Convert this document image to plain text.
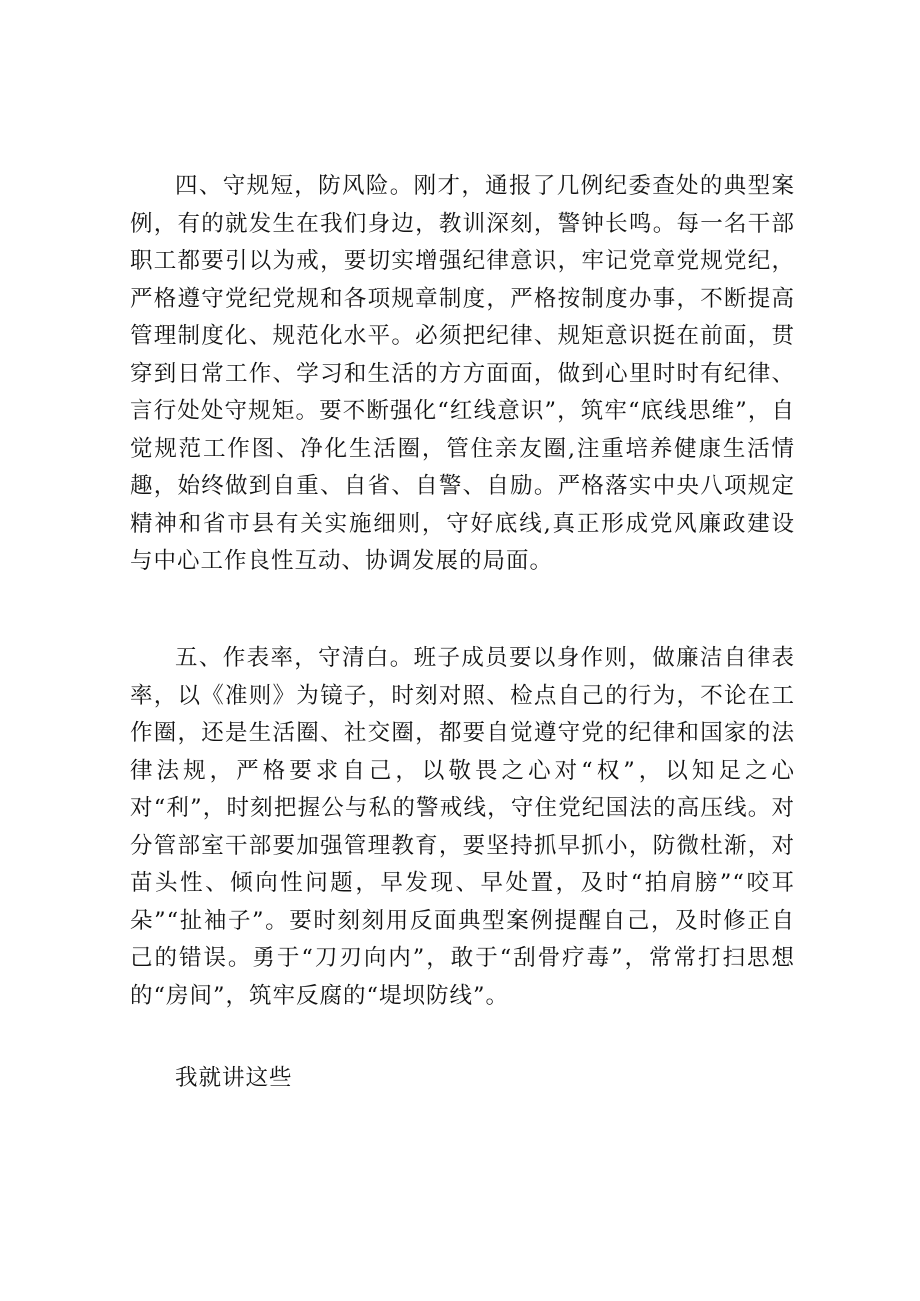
四、守规短，防风险。刚才，通报了几例纪委查处的典型案例，有的就发生在我们身边，教训深刻，警钟长鸣。每一名干部职工都要引以为戒，要切实增强纪律意识，牢记党章党规党纪，严格遵守党纪党规和各项规章制度，严格按制度办事，不断提高管理制度化、规范化水平。必须把纪律、规矩意识挺在前面，贯穿到日常工作、学习和生活的方方面面，做到心里时时有纪律、言行处处守规矩。要不断强化“红线意识”，筑牢“底线思维”，自觉规范工作图、净化生活圈，管住亲友圈,注重培养健康生活情趣，始终做到自重、自省、自警、自励。严格落实中央八项规定精神和省市县有关实施细则，守好底线,真正形成党风廉政建设与中心工作良性互动、协调发展的局面。

五、作表率，守清白。班子成员要以身作则，做廉洁自律表率，以《准则》为镜子，时刻对照、检点自己的行为，不论在工作圈，还是生活圈、社交圈，都要自觉遵守党的纪律和国家的法律法规，严格要求自己，以敬畏之心对“权”，以知足之心对“利”，时刻把握公与私的警戒线，守住党纪国法的高压线。对分管部室干部要加强管理教育，要坚持抓早抓小，防微杜渐，对苗头性、倾向性问题，早发现、早处置，及时“拍肩膀”“咬耳朵”“扯袖子”。要时刻刻用反面典型案例提醒自己，及时修正自己的错误。勇于“刀刃向内”，敢于“刮骨疗毒”，常常打扫思想的“房间”，筑牢反腐的“堤坝防线”。

我就讲这些
